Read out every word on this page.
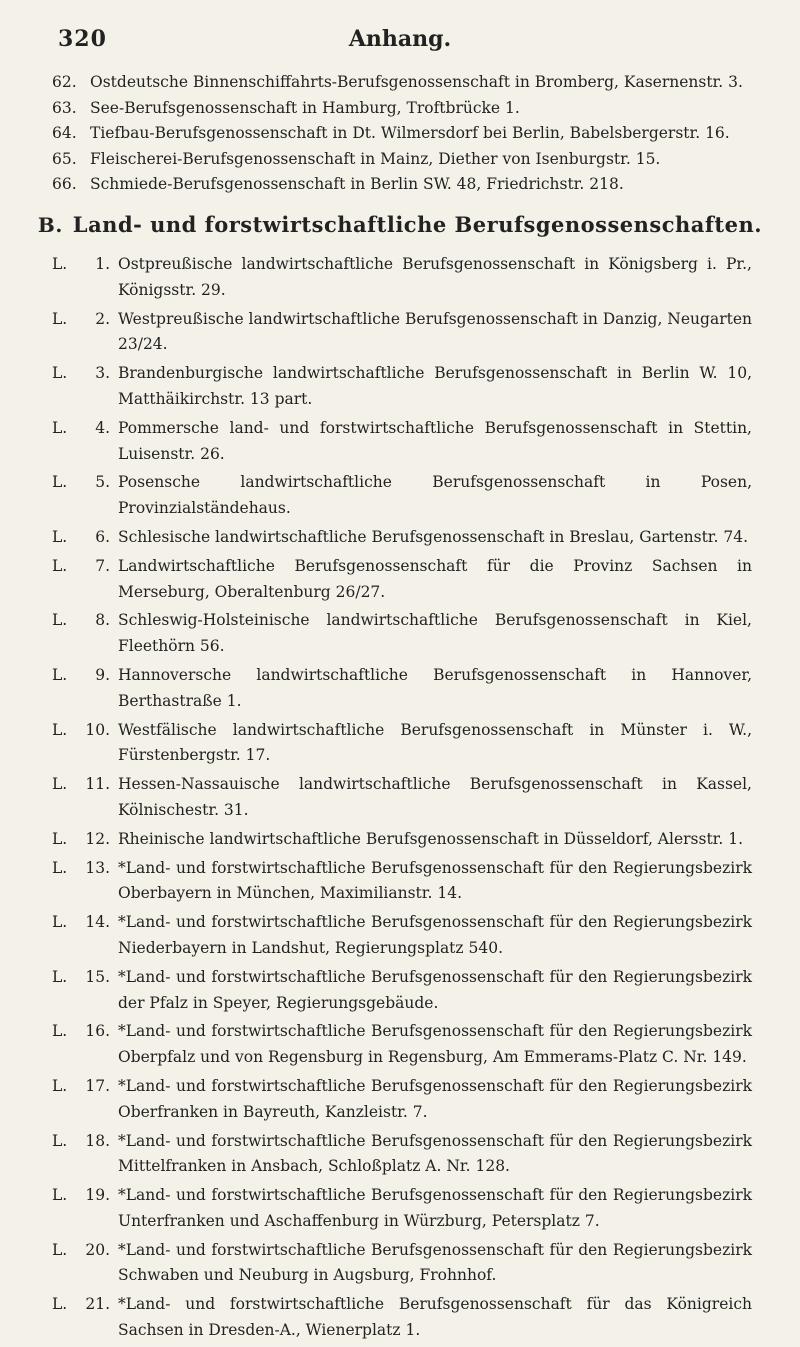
320	Anhang.
62. Ostdeutsche Binnenschiffahrts-Berufsgenossenschaft in Bromberg, Kasernenstr. 3.
63. See-Berufsgenossenschaft in Hamburg, Troftbrücke 1.
64. Tiefbau-Berufsgenossenschaft in Dt. Wilmersdorf bei Berlin, Babelsbergerstr. 16.
65. Fleischerei-Berufsgenossenschaft in Mainz, Diether von Isenburgstr. 15.
66. Schmiede-Berufsgenossenschaft in Berlin SW. 48, Friedrichstr. 218.
B. Land- und forstwirtschaftliche Berufsgenossenschaften.
L.	1. Ostpreußische landwirtschaftliche Berufsgenossenschaft in Königsberg i. Pr., Königsstr. 29.
L.	2. Westpreußische landwirtschaftliche Berufsgenossenschaft in Danzig, Neugarten 23/24.
L.	3. Brandenburgische landwirtschaftliche Berufsgenossenschaft in Berlin W. 10, Matthäikirchstr. 13 part.
L.	4. Pommersche land- und forstwirtschaftliche Berufsgenossenschaft in Stettin, Luisenstr. 26.
L.	5. Posensche landwirtschaftliche Berufsgenossenschaft in Posen, Provinzialständehaus.
L.	6. Schlesische landwirtschaftliche Berufsgenossenschaft in Breslau, Gartenstr. 74.
L.	7. Landwirtschaftliche Berufsgenossenschaft für die Provinz Sachsen in Merseburg, Oberaltenburg 26/27.
L.	8. Schleswig-Holsteinische landwirtschaftliche Berufsgenossenschaft in Kiel, Fleethörn 56.
L.	9. Hannoversche landwirtschaftliche Berufsgenossenschaft in Hannover, Berthastraße 1.
L.	10. Westfälische landwirtschaftliche Berufsgenossenschaft in Münster i. W., Fürstenbergstr. 17.
L.	11. Hessen-Nassauische landwirtschaftliche Berufsgenossenschaft in Kassel, Kölnischestr. 31.
L.	12. Rheinische landwirtschaftliche Berufsgenossenschaft in Düsseldorf, Alersstr. 1.
L.	13. *Land- und forstwirtschaftliche Berufsgenossenschaft für den Regierungsbezirk Oberbayern in München, Maximilianstr. 14.
L.	14. *Land- und forstwirtschaftliche Berufsgenossenschaft für den Regierungsbezirk Niederbayern in Landshut, Regierungsplatz 540.
L.	15. *Land- und forstwirtschaftliche Berufsgenossenschaft für den Regierungsbezirk der Pfalz in Speyer, Regierungsgebäude.
L.	16. *Land- und forstwirtschaftliche Berufsgenossenschaft für den Regierungsbezirk Oberpfalz und von Regensburg in Regensburg, Am Emmerams-Platz C. Nr. 149.
L.	17. *Land- und forstwirtschaftliche Berufsgenossenschaft für den Regierungsbezirk Oberfranken in Bayreuth, Kanzleistr. 7.
L.	18. *Land- und forstwirtschaftliche Berufsgenossenschaft für den Regierungsbezirk Mittelfranken in Ansbach, Schloßplatz A. Nr. 128.
L.	19. *Land- und forstwirtschaftliche Berufsgenossenschaft für den Regierungsbezirk Unterfranken und Aschaffenburg in Würzburg, Petersplatz 7.
L.	20. *Land- und forstwirtschaftliche Berufsgenossenschaft für den Regierungsbezirk Schwaben und Neuburg in Augsburg, Frohnhof.
L.	21. *Land- und forstwirtschaftliche Berufsgenossenschaft für das Königreich Sachsen in Dresden-A., Wienerplatz 1.
